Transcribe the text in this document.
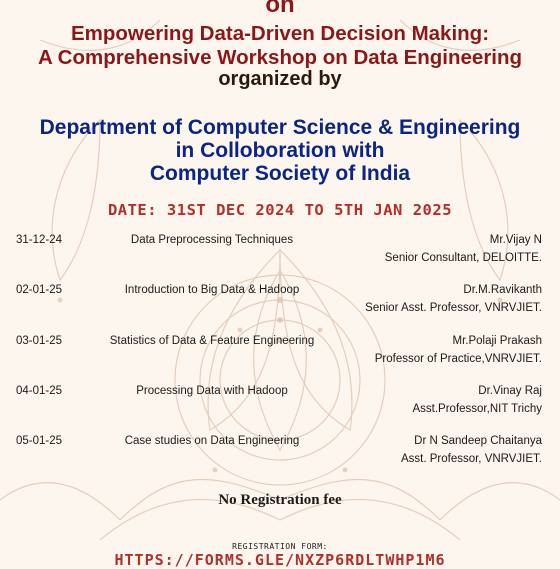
on
Empowering Data-Driven Decision Making:
A Comprehensive Workshop on Data Engineering
organized by
Department of Computer Science & Engineering
in Colloboration with
Computer Society of India
DATE: 31ST DEC 2024 TO 5TH JAN 2025
31-12-24	Data Preprocessing Techniques	Mr.Vijay N
Senior Consultant, DELOITTE.
02-01-25	Introduction to Big Data & Hadoop	Dr.M.Ravikanth
Senior Asst. Professor, VNRVJIET.
03-01-25	Statistics of Data & Feature Engineering	Mr.Polaji Prakash
Professor of Practice,VNRVJIET.
04-01-25	Processing Data with Hadoop	Dr.Vinay Raj
Asst.Professor,NIT Trichy
05-01-25	Case studies on Data Engineering	Dr N Sandeep Chaitanya
Asst. Professor, VNRVJIET.
No Registration fee
REGISTRATION FORM:
HTTPS://FORMS.GLE/NXZP6RDLTWHP1M6
